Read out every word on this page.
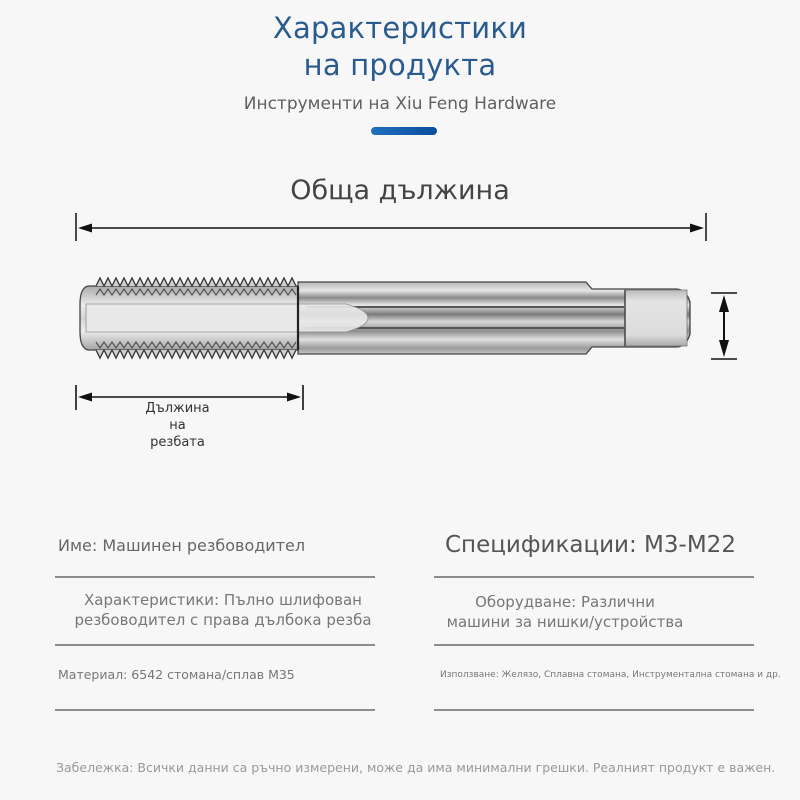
Характеристики
на продукта
Инструменти на Xiu Feng Hardware
Обща дължина
Дължина
на
резбата
Име: Машинен резбоводител
Характеристики: Пълно шлифован
резбоводител с права дълбока резба
Материал: 6542 стомана/сплав M35
Спецификации: M3-M22
Оборудване: Различни
машини за нишки/устройства
Използване: Желязо, Сплавна стомана, Инструментална стомана и др.
Забележка: Всички данни са ръчно измерени, може да има минимални грешки. Реалният продукт е важен.
